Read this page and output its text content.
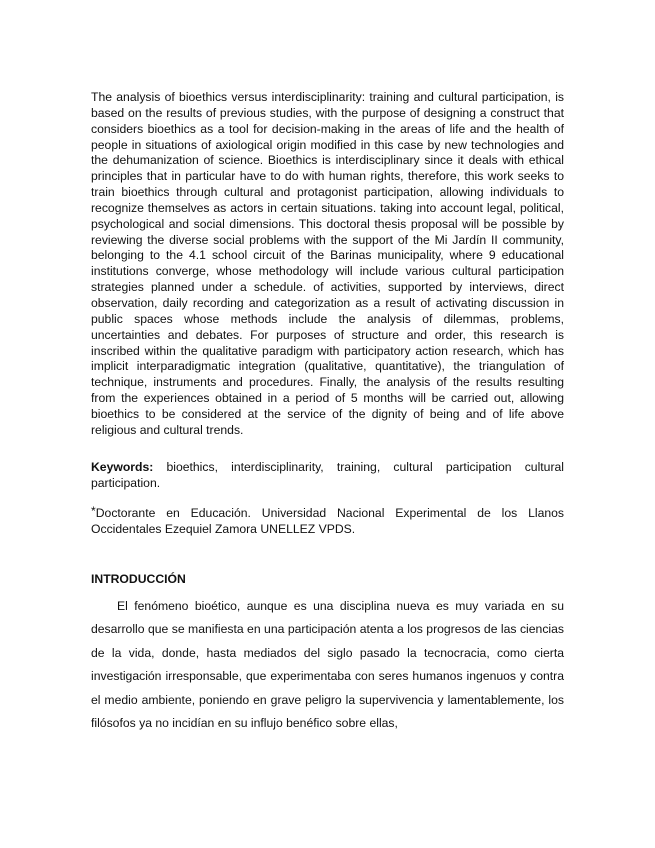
The analysis of bioethics versus interdisciplinarity: training and cultural participation, is based on the results of previous studies, with the purpose of designing a construct that considers bioethics as a tool for decision-making in the areas of life and the health of people in situations of axiological origin modified in this case by new technologies and the dehumanization of science. Bioethics is interdisciplinary since it deals with ethical principles that in particular have to do with human rights, therefore, this work seeks to train bioethics through cultural and protagonist participation, allowing individuals to recognize themselves as actors in certain situations. taking into account legal, political, psychological and social dimensions. This doctoral thesis proposal will be possible by reviewing the diverse social problems with the support of the Mi Jardín II community, belonging to the 4.1 school circuit of the Barinas municipality, where 9 educational institutions converge, whose methodology will include various cultural participation strategies planned under a schedule. of activities, supported by interviews, direct observation, daily recording and categorization as a result of activating discussion in public spaces whose methods include the analysis of dilemmas, problems, uncertainties and debates. For purposes of structure and order, this research is inscribed within the qualitative paradigm with participatory action research, which has implicit interparadigmatic integration (qualitative, quantitative), the triangulation of technique, instruments and procedures. Finally, the analysis of the results resulting from the experiences obtained in a period of 5 months will be carried out, allowing bioethics to be considered at the service of the dignity of being and of life above religious and cultural trends.

Keywords: bioethics, interdisciplinarity, training, cultural participation cultural participation.

*Doctorante en Educación. Universidad Nacional Experimental de los Llanos Occidentales Ezequiel Zamora UNELLEZ VPDS.

INTRODUCCIÓN

El fenómeno bioético, aunque es una disciplina nueva es muy variada en su desarrollo que se manifiesta en una participación atenta a los progresos de las ciencias de la vida, donde, hasta mediados del siglo pasado la tecnocracia, como cierta investigación irresponsable, que experimentaba con seres humanos ingenuos y contra el medio ambiente, poniendo en grave peligro la supervivencia y lamentablemente, los filósofos ya no incidían en su influjo benéfico sobre ellas,
